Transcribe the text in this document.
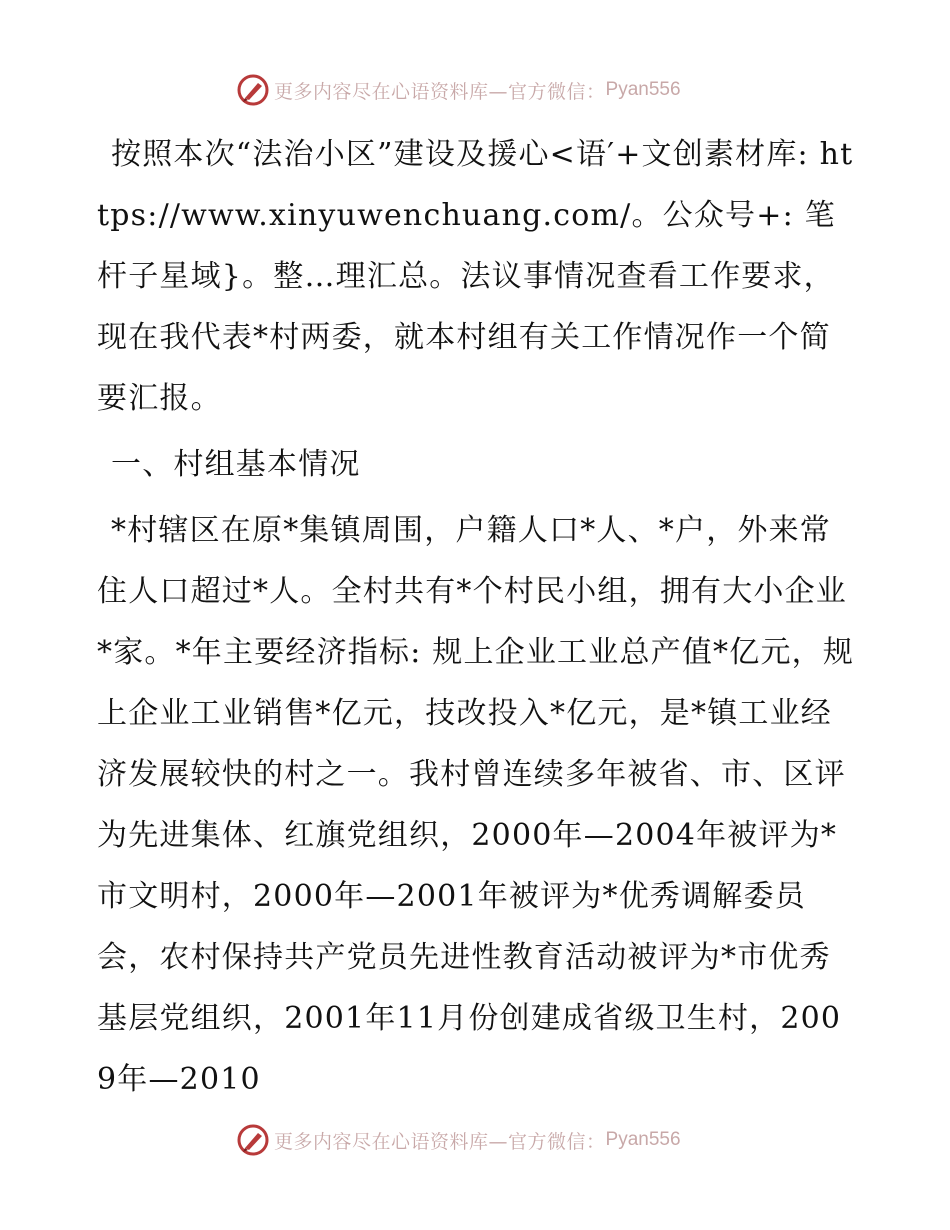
更多内容尽在心语资料库—官方微信： Pyan556

按照本次“法治小区”建设及援心<语′+文创素材库: https://www.xinyuwenchuang.com/。公众号+: 笔杆子星域}。整…理汇总。法议事情况查看工作要求，现在我代表*村两委，就本村组有关工作情况作一个简要汇报。

一、村组基本情况

*村辖区在原*集镇周围，户籍人口*人、*户，外来常住人口超过*人。全村共有*个村民小组，拥有大小企业*家。*年主要经济指标: 规上企业工业总产值*亿元，规上企业工业销售*亿元，技改投入*亿元，是*镇工业经济发展较快的村之一。我村曾连续多年被省、市、区评为先进集体、红旗党组织，2000年—2004年被评为*市文明村，2000年—2001年被评为*优秀调解委员会，农村保持共产党员先进性教育活动被评为*市优秀基层党组织，2001年11月份创建成省级卫生村，2009年—2010

更多内容尽在心语资料库—官方微信： Pyan556
